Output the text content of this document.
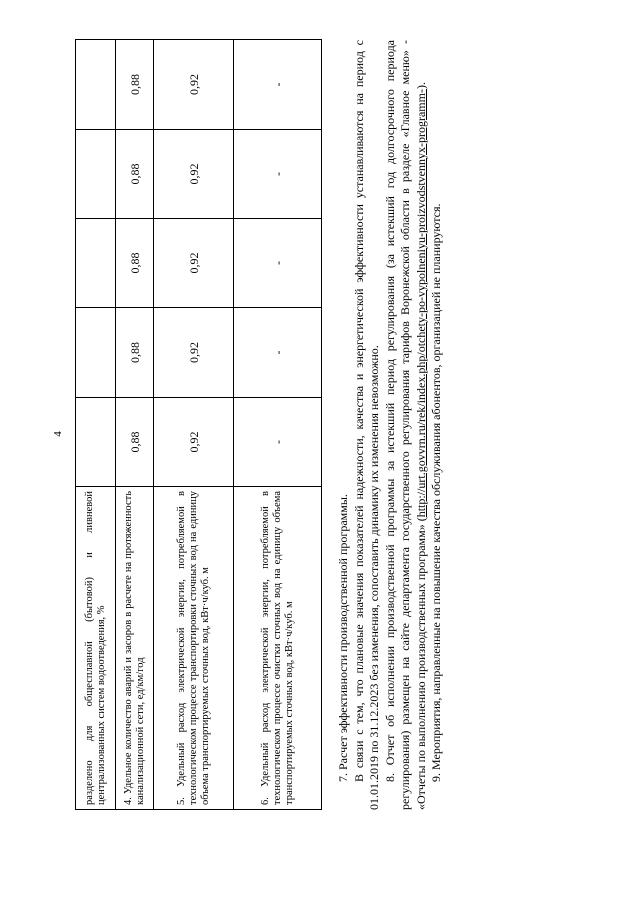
4
разделено для общесплавной (бытовой) и ливневой централизованных систем водоотведения, %					
4. Удельное количество аварий и засоров в расчете на протяженность канализационной сети, ед/км/год	0,88	0,88	0,88	0,88	0,88
5. Удельный расход электрической энергии, потребляемой в технологическом процессе транспортировки сточных вод на единицу объема транспортируемых сточных вод, кВт·ч/куб. м	0,92	0,92	0,92	0,92	0,92
6. Удельный расход электрической энергии, потребляемой в технологическом процессе очистки сточных вод на единицу объема транспортируемых сточных вод, кВт·ч/куб. м	-	-	-	-	-

7. Расчет эффективности производственной программы. В связи с тем, что плановые значения показателей надежности, качества и энергетической эффективности устанавливаются на период с 01.01.2019 по 31.12.2023 без изменения, сопоставить динамику их изменения невозможно. 8. Отчет об исполнении производственной программы за истекший период регулирования (за истекший год долгосрочного периода регулирования) размещен на сайте департамента государственного регулирования тарифов Воронежской области в разделе «Главное меню» - «Отчеты по выполнению производственных программ» (http://urt.govvrn.ru/rek/index.php/otchety-po-vypolneniyu-proizvodstvennyx-programm-).

9. Мероприятия, направленные на повышение качества обслуживания абонентов, организацией не планируются.
